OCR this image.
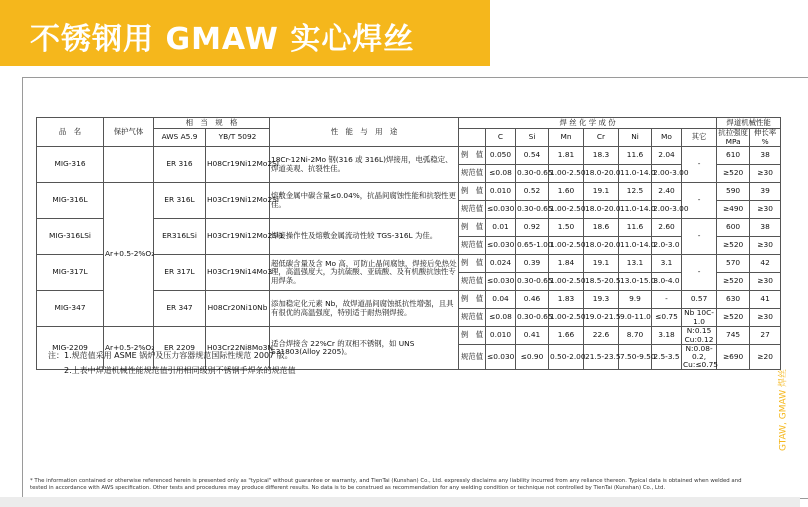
不锈钢用 GMAW 实心焊丝
品　名	保护气体	相　当　规　格		性　能　与　用　途	焊 丝 化 学 成 份								焊道机械性能	
		AWS A5.9	YB/T 5092			C	Si	Mn	Cr	Ni	Mo	其它	抗拉强度 MPa	伸长率 %
MIG-316		ER 316	H08Cr19Ni12Mo2Si	18Cr-12Ni-2Mo 钢(316 或 316L)焊接用，电弧稳定、焊道美观、抗裂性佳。	例　值	0.050	0.54	1.81	18.3	11.6	2.04	-	610	38
					规范值	≤0.08	0.30-0.65	1.00-2.50	18.0-20.0	11.0-14.0	2.00-3.00		≥520	≥30
MIG-316L	Ar+0.5-2%O₂	ER 316L	H03Cr19Ni12Mo2Si	熔敷金属中碳含量≤0.04%，抗晶间腐蚀性能和抗裂性更佳。	例　值	0.010	0.52	1.60	19.1	12.5	2.40	-	590	39
					规范值	≤0.030	0.30-0.65	1.00-2.50	18.0-20.0	11.0-14.0	2.00-3.00		≥490	≥30
MIG-316LSi		ER316LSi	H03Cr19Ni12Mo2Si1	焊接操作性及熔敷金属流动性较 TGS-316L 为佳。	例　值	0.01	0.92	1.50	18.6	11.6	2.60	-	600	38
					规范值	≤0.030	0.65-1.00	1.00-2.50	18.0-20.0	11.0-14.0	2.0-3.0		≥520	≥30
MIG-317L		ER 317L	H03Cr19Ni14Mo3	超低碳含量及含 Mo 高，可防止晶间腐蚀，焊接后免热处理，高温强度大，为抗硫酸、亚硫酸、及有机酸抗蚀性专用焊条。	例　值	0.024	0.39	1.84	19.1	13.1	3.1	-	570	42
					规范值	≤0.030	0.30-0.65	1.00-2.50	18.5-20.5	13.0-15.0	3.0-4.0		≥520	≥30
MIG-347		ER 347	H08Cr20Ni10Nb	添加稳定化元素 Nb，故焊道晶间腐蚀抵抗性增强，且具有很优的高温强度，特别适于耐热钢焊接。	例　值	0.04	0.46	1.83	19.3	9.9	-	0.57	630	41
					规范值	≤0.08	0.30-0.65	1.00-2.50	19.0-21.5	9.0-11.0	≤0.75	Nb 10C-1.0	≥520	≥30
MIG-2209	Ar+0.5-2%O₂	ER 2209	H03Cr22Ni8Mo3N	适合焊接含 22%Cr 的双相不锈钢，如 UNS S31803(Alloy 2205)。	例　值	0.010	0.41	1.66	22.6	8.70	3.18	N:0.15 Cu:0.12	745	27
					规范值	≤0.030	≤0.90	0.50-2.00	21.5-23.5	7.50-9.50	2.5-3.5	N:0.08-0.2, Cu:≤0.75	≥690	≥20
注：1.规范值采用 ASME 锅炉及压力容器规范国际性规范 2007 版。
2.上表中焊道机械性能规范值引用相同级别不锈钢手焊条的规范值	GTAW, GMAW 焊丝
* The information contained or otherwise referenced herein is presented only as "typical" without guarantee or warranty, and TienTai (Kunshan) Co., Ltd. expressly disclaims any liability incurred from any reliance thereon. Typical data is obtained when welded and
tested in accordance with AWS specification. Other tests and procedures may produce different results. No data is to be construed as recommendation for any welding condition or technique not controlled by TienTai (Kunshan) Co., Ltd.
